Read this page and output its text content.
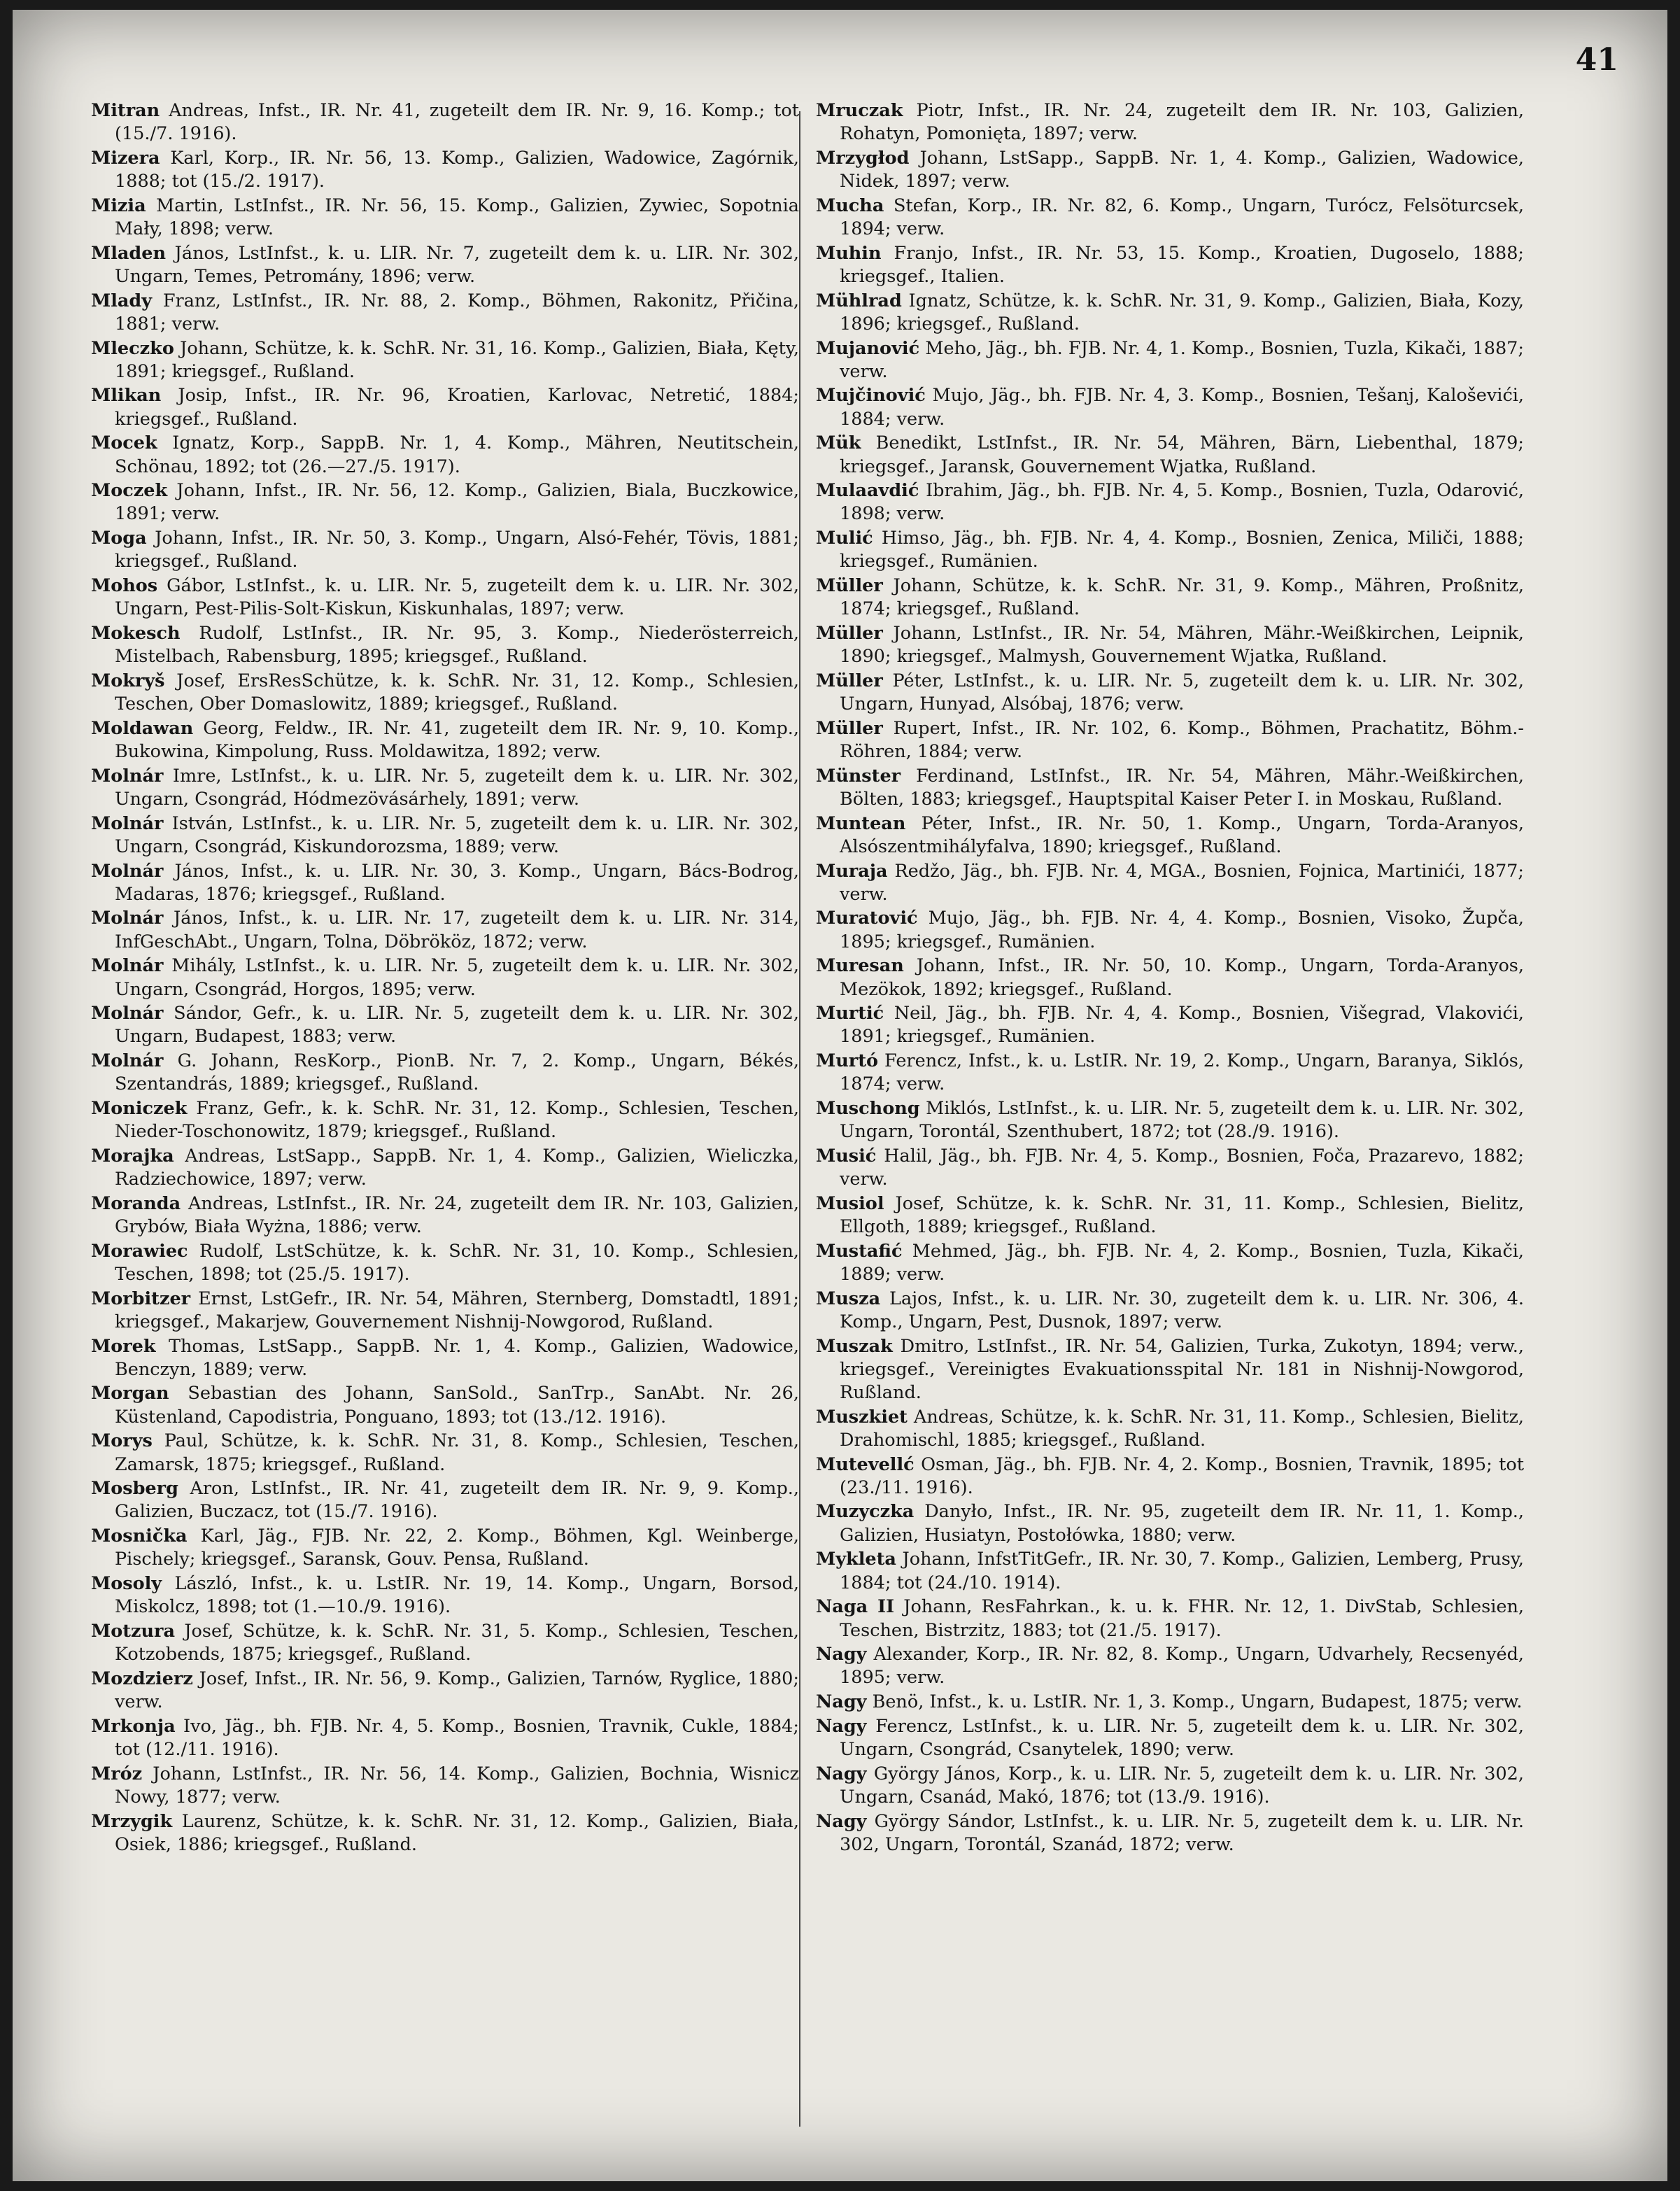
41

Mitran Andreas, Infst., IR. Nr. 41, zugeteilt dem IR. Nr. 9, 16. Komp.; tot (15./7. 1916).

Mizera Karl, Korp., IR. Nr. 56, 13. Komp., Galizien, Wadowice, Zagórnik, 1888; tot (15./2. 1917).

Mizia Martin, LstInfst., IR. Nr. 56, 15. Komp., Galizien, Zywiec, Sopotnia Mały, 1898; verw.

Mladen János, LstInfst., k. u. LIR. Nr. 7, zugeteilt dem k. u. LIR. Nr. 302, Ungarn, Temes, Petromány, 1896; verw.

Mlady Franz, LstInfst., IR. Nr. 88, 2. Komp., Böhmen, Rakonitz, Přičina, 1881; verw.

Mleczko Johann, Schütze, k. k. SchR. Nr. 31, 16. Komp., Galizien, Biała, Kęty, 1891; kriegsgef., Rußland.

Mlikan Josip, Infst., IR. Nr. 96, Kroatien, Karlovac, Netretić, 1884; kriegsgef., Rußland.

Mocek Ignatz, Korp., SappB. Nr. 1, 4. Komp., Mähren, Neutitschein, Schönau, 1892; tot (26.—27./5. 1917).

Moczek Johann, Infst., IR. Nr. 56, 12. Komp., Galizien, Biala, Buczkowice, 1891; verw.

Moga Johann, Infst., IR. Nr. 50, 3. Komp., Ungarn, Alsó-Fehér, Tövis, 1881; kriegsgef., Rußland.

Mohos Gábor, LstInfst., k. u. LIR. Nr. 5, zugeteilt dem k. u. LIR. Nr. 302, Ungarn, Pest-Pilis-Solt-Kiskun, Kiskunhalas, 1897; verw.

Mokesch Rudolf, LstInfst., IR. Nr. 95, 3. Komp., Niederösterreich, Mistelbach, Rabensburg, 1895; kriegsgef., Rußland.

Mokryš Josef, ErsResSchütze, k. k. SchR. Nr. 31, 12. Komp., Schlesien, Teschen, Ober Domaslowitz, 1889; kriegsgef., Rußland.

Moldawan Georg, Feldw., IR. Nr. 41, zugeteilt dem IR. Nr. 9, 10. Komp., Bukowina, Kimpolung, Russ. Moldawitza, 1892; verw.

Molnár Imre, LstInfst., k. u. LIR. Nr. 5, zugeteilt dem k. u. LIR. Nr. 302, Ungarn, Csongrád, Hódmezövásárhely, 1891; verw.

Molnár István, LstInfst., k. u. LIR. Nr. 5, zugeteilt dem k. u. LIR. Nr. 302, Ungarn, Csongrád, Kiskundorozsma, 1889; verw.

Molnár János, Infst., k. u. LIR. Nr. 30, 3. Komp., Ungarn, Bács-Bodrog, Madaras, 1876; kriegsgef., Rußland.

Molnár János, Infst., k. u. LIR. Nr. 17, zugeteilt dem k. u. LIR. Nr. 314, InfGeschAbt., Ungarn, Tolna, Döbrököz, 1872; verw.

Molnár Mihály, LstInfst., k. u. LIR. Nr. 5, zugeteilt dem k. u. LIR. Nr. 302, Ungarn, Csongrád, Horgos, 1895; verw.

Molnár Sándor, Gefr., k. u. LIR. Nr. 5, zugeteilt dem k. u. LIR. Nr. 302, Ungarn, Budapest, 1883; verw.

Molnár G. Johann, ResKorp., PionB. Nr. 7, 2. Komp., Ungarn, Békés, Szentandrás, 1889; kriegsgef., Rußland.

Moniczek Franz, Gefr., k. k. SchR. Nr. 31, 12. Komp., Schlesien, Teschen, Nieder-Toschonowitz, 1879; kriegsgef., Rußland.

Morajka Andreas, LstSapp., SappB. Nr. 1, 4. Komp., Galizien, Wieliczka, Radziechowice, 1897; verw.

Moranda Andreas, LstInfst., IR. Nr. 24, zugeteilt dem IR. Nr. 103, Galizien, Grybów, Biała Wyżna, 1886; verw.

Morawiec Rudolf, LstSchütze, k. k. SchR. Nr. 31, 10. Komp., Schlesien, Teschen, 1898; tot (25./5. 1917).

Morbitzer Ernst, LstGefr., IR. Nr. 54, Mähren, Sternberg, Domstadtl, 1891; kriegsgef., Makarjew, Gouvernement Nishnij-Nowgorod, Rußland.

Morek Thomas, LstSapp., SappB. Nr. 1, 4. Komp., Galizien, Wadowice, Benczyn, 1889; verw.

Morgan Sebastian des Johann, SanSold., SanTrp., SanAbt. Nr. 26, Küstenland, Capodistria, Ponguano, 1893; tot (13./12. 1916).

Morys Paul, Schütze, k. k. SchR. Nr. 31, 8. Komp., Schlesien, Teschen, Zamarsk, 1875; kriegsgef., Rußland.

Mosberg Aron, LstInfst., IR. Nr. 41, zugeteilt dem IR. Nr. 9, 9. Komp., Galizien, Buczacz, tot (15./7. 1916).

Mosnička Karl, Jäg., FJB. Nr. 22, 2. Komp., Böhmen, Kgl. Weinberge, Pischely; kriegsgef., Saransk, Gouv. Pensa, Rußland.

Mosoly László, Infst., k. u. LstIR. Nr. 19, 14. Komp., Ungarn, Borsod, Miskolcz, 1898; tot (1.—10./9. 1916).

Motzura Josef, Schütze, k. k. SchR. Nr. 31, 5. Komp., Schlesien, Teschen, Kotzobends, 1875; kriegsgef., Rußland.

Mozdzierz Josef, Infst., IR. Nr. 56, 9. Komp., Galizien, Tarnów, Ryglice, 1880; verw.

Mrkonja Ivo, Jäg., bh. FJB. Nr. 4, 5. Komp., Bosnien, Travnik, Cukle, 1884; tot (12./11. 1916).

Mróz Johann, LstInfst., IR. Nr. 56, 14. Komp., Galizien, Bochnia, Wisnicz Nowy, 1877; verw.

Mrzygik Laurenz, Schütze, k. k. SchR. Nr. 31, 12. Komp., Galizien, Biała, Osiek, 1886; kriegsgef., Rußland.

Mruczak Piotr, Infst., IR. Nr. 24, zugeteilt dem IR. Nr. 103, Galizien, Rohatyn, Pomonięta, 1897; verw.

Mrzygłod Johann, LstSapp., SappB. Nr. 1, 4. Komp., Galizien, Wadowice, Nidek, 1897; verw.

Mucha Stefan, Korp., IR. Nr. 82, 6. Komp., Ungarn, Turócz, Felsöturcsek, 1894; verw.

Muhin Franjo, Infst., IR. Nr. 53, 15. Komp., Kroatien, Dugoselo, 1888; kriegsgef., Italien.

Mühlrad Ignatz, Schütze, k. k. SchR. Nr. 31, 9. Komp., Galizien, Biała, Kozy, 1896; kriegsgef., Rußland.

Mujanović Meho, Jäg., bh. FJB. Nr. 4, 1. Komp., Bosnien, Tuzla, Kikači, 1887; verw.

Mujčinović Mujo, Jäg., bh. FJB. Nr. 4, 3. Komp., Bosnien, Tešanj, Kaloševići, 1884; verw.

Mük Benedikt, LstInfst., IR. Nr. 54, Mähren, Bärn, Liebenthal, 1879; kriegsgef., Jaransk, Gouvernement Wjatka, Rußland.

Mulaavdić Ibrahim, Jäg., bh. FJB. Nr. 4, 5. Komp., Bosnien, Tuzla, Odarović, 1898; verw.

Mulić Himso, Jäg., bh. FJB. Nr. 4, 4. Komp., Bosnien, Zenica, Miliči, 1888; kriegsgef., Rumänien.

Müller Johann, Schütze, k. k. SchR. Nr. 31, 9. Komp., Mähren, Proßnitz, 1874; kriegsgef., Rußland.

Müller Johann, LstInfst., IR. Nr. 54, Mähren, Mähr.-Weißkirchen, Leipnik, 1890; kriegsgef., Malmysh, Gouvernement Wjatka, Rußland.

Müller Péter, LstInfst., k. u. LIR. Nr. 5, zugeteilt dem k. u. LIR. Nr. 302, Ungarn, Hunyad, Alsóbaj, 1876; verw.

Müller Rupert, Infst., IR. Nr. 102, 6. Komp., Böhmen, Prachatitz, Böhm.-Röhren, 1884; verw.

Münster Ferdinand, LstInfst., IR. Nr. 54, Mähren, Mähr.-Weißkirchen, Bölten, 1883; kriegsgef., Hauptspital Kaiser Peter I. in Moskau, Rußland.

Muntean Péter, Infst., IR. Nr. 50, 1. Komp., Ungarn, Torda-Aranyos, Alsószentmihályfalva, 1890; kriegsgef., Rußland.

Muraja Redžo, Jäg., bh. FJB. Nr. 4, MGA., Bosnien, Fojnica, Martinići, 1877; verw.

Muratović Mujo, Jäg., bh. FJB. Nr. 4, 4. Komp., Bosnien, Visoko, Župča, 1895; kriegsgef., Rumänien.

Muresan Johann, Infst., IR. Nr. 50, 10. Komp., Ungarn, Torda-Aranyos, Mezökok, 1892; kriegsgef., Rußland.

Murtić Neil, Jäg., bh. FJB. Nr. 4, 4. Komp., Bosnien, Višegrad, Vlakovići, 1891; kriegsgef., Rumänien.

Murtó Ferencz, Infst., k. u. LstIR. Nr. 19, 2. Komp., Ungarn, Baranya, Siklós, 1874; verw.

Muschong Miklós, LstInfst., k. u. LIR. Nr. 5, zugeteilt dem k. u. LIR. Nr. 302, Ungarn, Torontál, Szenthubert, 1872; tot (28./9. 1916).

Musić Halil, Jäg., bh. FJB. Nr. 4, 5. Komp., Bosnien, Foča, Prazarevo, 1882; verw.

Musiol Josef, Schütze, k. k. SchR. Nr. 31, 11. Komp., Schlesien, Bielitz, Ellgoth, 1889; kriegsgef., Rußland.

Mustafić Mehmed, Jäg., bh. FJB. Nr. 4, 2. Komp., Bosnien, Tuzla, Kikači, 1889; verw.

Musza Lajos, Infst., k. u. LIR. Nr. 30, zugeteilt dem k. u. LIR. Nr. 306, 4. Komp., Ungarn, Pest, Dusnok, 1897; verw.

Muszak Dmitro, LstInfst., IR. Nr. 54, Galizien, Turka, Zukotyn, 1894; verw., kriegsgef., Vereinigtes Evakuationsspital Nr. 181 in Nishnij-Nowgorod, Rußland.

Muszkiet Andreas, Schütze, k. k. SchR. Nr. 31, 11. Komp., Schlesien, Bielitz, Drahomischl, 1885; kriegsgef., Rußland.

Mutevellć Osman, Jäg., bh. FJB. Nr. 4, 2. Komp., Bosnien, Travnik, 1895; tot (23./11. 1916).

Muzyczka Danyło, Infst., IR. Nr. 95, zugeteilt dem IR. Nr. 11, 1. Komp., Galizien, Husiatyn, Postołówka, 1880; verw.

Mykleta Johann, InfstTitGefr., IR. Nr. 30, 7. Komp., Galizien, Lemberg, Prusy, 1884; tot (24./10. 1914).

Naga II Johann, ResFahrkan., k. u. k. FHR. Nr. 12, 1. DivStab, Schlesien, Teschen, Bistrzitz, 1883; tot (21./5. 1917).

Nagy Alexander, Korp., IR. Nr. 82, 8. Komp., Ungarn, Udvarhely, Recsenyéd, 1895; verw.

Nagy Benö, Infst., k. u. LstIR. Nr. 1, 3. Komp., Ungarn, Budapest, 1875; verw.

Nagy Ferencz, LstInfst., k. u. LIR. Nr. 5, zugeteilt dem k. u. LIR. Nr. 302, Ungarn, Csongrád, Csanytelek, 1890; verw.

Nagy György János, Korp., k. u. LIR. Nr. 5, zugeteilt dem k. u. LIR. Nr. 302, Ungarn, Csanád, Makó, 1876; tot (13./9. 1916).

Nagy György Sándor, LstInfst., k. u. LIR. Nr. 5, zugeteilt dem k. u. LIR. Nr. 302, Ungarn, Torontál, Szanád, 1872; verw.
